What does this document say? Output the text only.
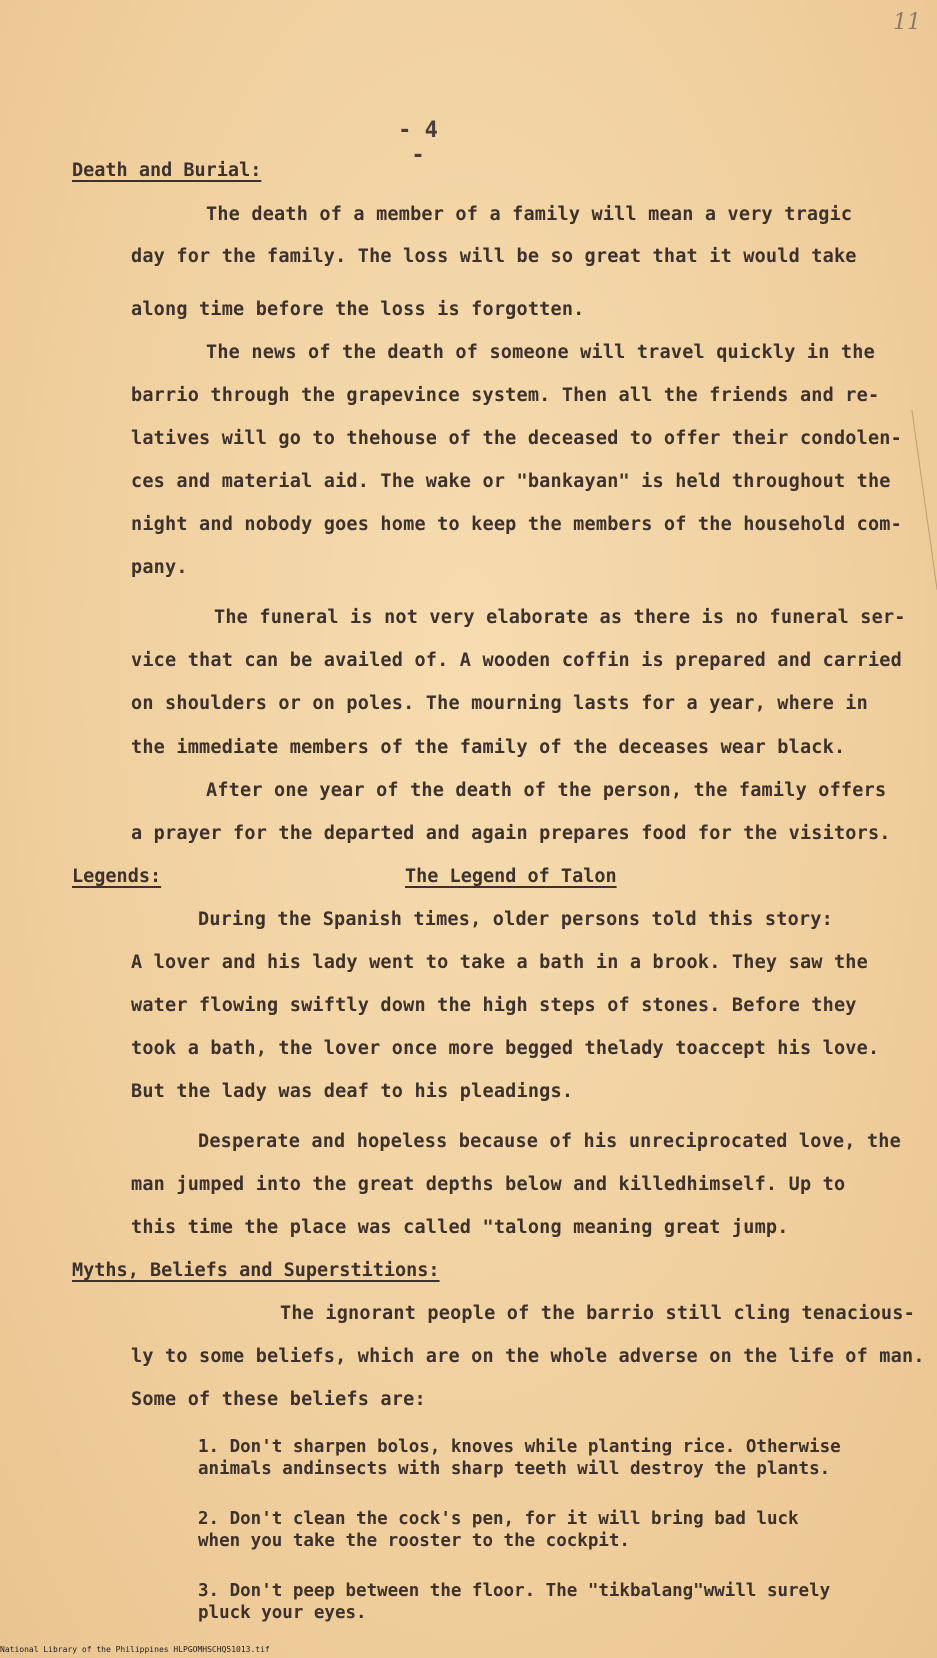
11
- 4 -
Death and Burial:
The death of a member of a family will mean a very tragic
day for the family. The loss will be so great that it would take
along time before the loss is forgotten.
The news of the death of someone will travel quickly in the
barrio through the grapevince system. Then all the friends and re-
latives will go to thehouse of the deceased to offer their condolen-
ces and material aid. The wake or "bankayan" is held throughout the
night and nobody goes home to keep the members of the household com-
pany.
The funeral is not very elaborate as there is no funeral ser-
vice that can be availed of. A wooden coffin is prepared and carried
on shoulders or on poles. The mourning lasts for a year, where in
the immediate members of the family of the deceases wear black.
After one year of the death of the person, the family offers
a prayer for the departed and again prepares food for the visitors.
Legends:	The Legend of Talon
During the Spanish times, older persons told this story:
A lover and his lady went to take a bath in a brook. They saw the
water flowing swiftly down the high steps of stones. Before they
took a bath, the lover once more begged thelady toaccept his love.
But the lady was deaf to his pleadings.
Desperate and hopeless because of his unreciprocated love, the
man jumped into the great depths below and killedhimself. Up to
this time the place was called "talong meaning great jump.
Myths, Beliefs and Superstitions:
The ignorant people of the barrio still cling tenacious-
ly to some beliefs, which are on the whole adverse on the life of man.
Some of these beliefs are:
1. Don't sharpen bolos, knoves while planting rice. Otherwise
animals andinsects with sharp teeth will destroy the plants.
2. Don't clean the cock's pen, for it will bring bad luck
when you take the rooster to the cockpit.
3. Don't peep between the floor. The "tikbalang"wwill surely
pluck your eyes.
National Library of the Philippines HLPGOMHSCHQ51013.tif
